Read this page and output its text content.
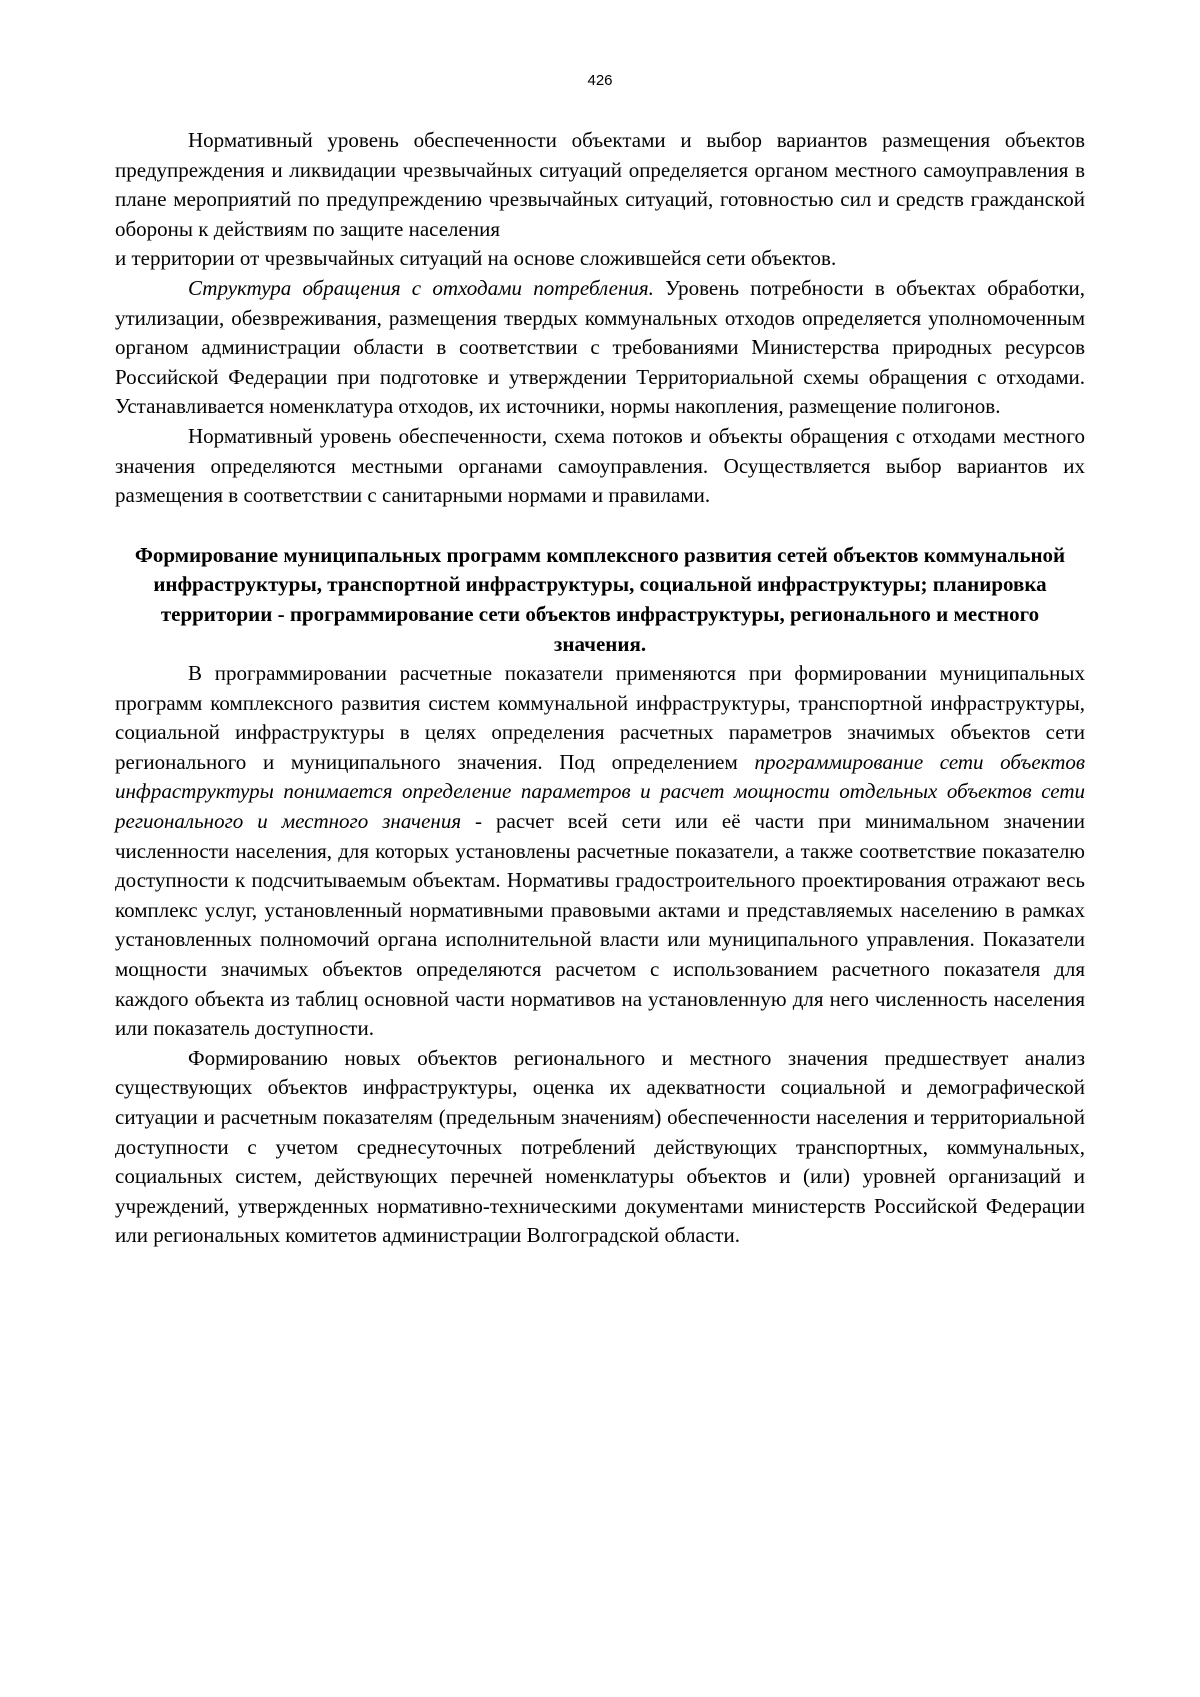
426

Нормативный уровень обеспеченности объектами и выбор вариантов размещения объектов предупреждения и ликвидации чрезвычайных ситуаций определяется органом местного самоуправления в плане мероприятий по предупреждению чрезвычайных ситуаций, готовностью сил и средств гражданской обороны к действиям по защите населения

и территории от чрезвычайных ситуаций на основе сложившейся сети объектов.

Структура обращения с отходами потребления. Уровень потребности в объектах обработки, утилизации, обезвреживания, размещения твердых коммунальных отходов определяется уполномоченным органом администрации области в соответствии с требованиями Министерства природных ресурсов Российской Федерации при подготовке и утверждении Территориальной схемы обращения с отходами. Устанавливается номенклатура отходов, их источники, нормы накопления, размещение полигонов.

Нормативный уровень обеспеченности, схема потоков и объекты обращения с отходами местного значения определяются местными органами самоуправления. Осуществляется выбор вариантов их размещения в соответствии с санитарными нормами и правилами.

Формирование муниципальных программ комплексного развития сетей объектов коммунальной инфраструктуры, транспортной инфраструктуры, социальной инфраструктуры; планировка территории - программирование сети объектов инфраструктуры, регионального и местного значения.

В программировании расчетные показатели применяются при формировании муниципальных программ комплексного развития систем коммунальной инфраструктуры, транспортной инфраструктуры, социальной инфраструктуры в целях определения расчетных параметров значимых объектов сети регионального и муниципального значения. Под определением программирование сети объектов инфраструктуры понимается определение параметров и расчет мощности отдельных объектов сети регионального и местного значения - расчет всей сети или её части при минимальном значении численности населения, для которых установлены расчетные показатели, а также соответствие показателю доступности к подсчитываемым объектам. Нормативы градостроительного проектирования отражают весь комплекс услуг, установленный нормативными правовыми актами и представляемых населению в рамках установленных полномочий органа исполнительной власти или муниципального управления. Показатели мощности значимых объектов определяются расчетом с использованием расчетного показателя для каждого объекта из таблиц основной части нормативов на установленную для него численность населения или показатель доступности.

Формированию новых объектов регионального и местного значения предшествует анализ существующих объектов инфраструктуры, оценка их адекватности социальной и демографической ситуации и расчетным показателям (предельным значениям) обеспеченности населения и территориальной доступности с учетом среднесуточных потреблений действующих транспортных, коммунальных, социальных систем, действующих перечней номенклатуры объектов и (или) уровней организаций и учреждений, утвержденных нормативно-техническими документами министерств Российской Федерации или региональных комитетов администрации Волгоградской области.
